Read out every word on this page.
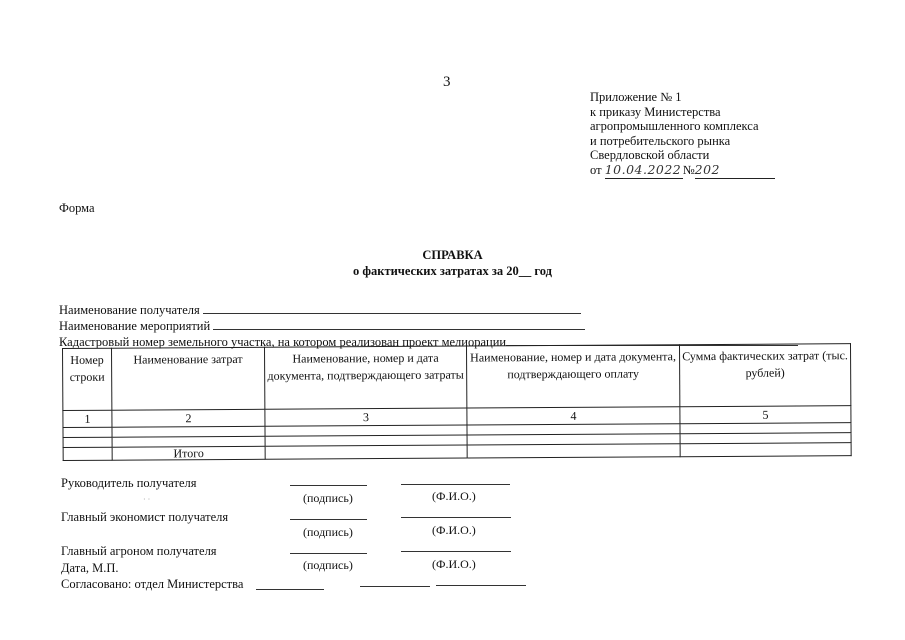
3
Приложение № 1
к приказу Министерства
агропромышленного комплекса
и потребительского рынка
Свердловской области
от 10.04.2022№202
Форма
СПРАВКА
о фактических затратах за 20__ год
Наименование получателя
Наименование мероприятий
Кадастровый номер земельного участка, на котором реализован проект мелиорации
Номер строки	Наименование затрат	Наименование, номер и дата документа, подтверждающего затраты	Наименование, номер и дата документа, подтверждающего оплату	Сумма фактических затрат (тыс. рублей)
1	2	3	4	5

	Итого			
Руководитель получателя
(подпись)	(Ф.И.О.)
· ·
Главный экономист получателя
(подпись)	(Ф.И.О.)
Главный агроном получателя
(подпись)	(Ф.И.О.)
Дата, М.П.
Согласовано: отдел Министерства
